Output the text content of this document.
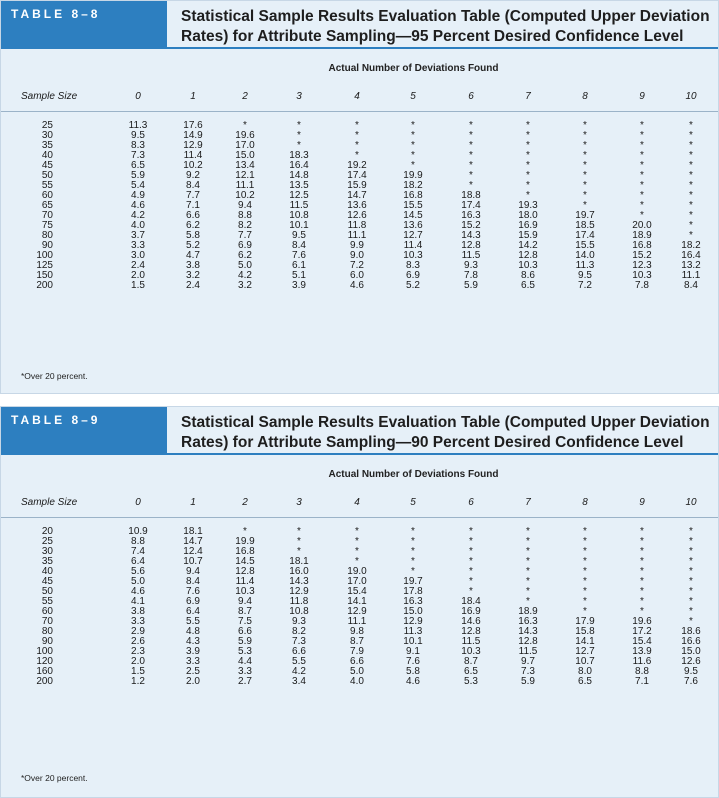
TABLE 8–8	Statistical Sample Results Evaluation Table (Computed Upper Deviation
Rates) for Attribute Sampling—95 Percent Desired Confidence Level
Actual Number of Deviations Found
Sample Size	0	1	2	3	4	5	6	7	8	9	10
25	11.3	17.6	*	*	*	*	*	*	*	*	*
30	9.5	14.9	19.6	*	*	*	*	*	*	*	*
35	8.3	12.9	17.0	*	*	*	*	*	*	*	*
40	7.3	11.4	15.0	18.3	*	*	*	*	*	*	*
45	6.5	10.2	13.4	16.4	19.2	*	*	*	*	*	*
50	5.9	9.2	12.1	14.8	17.4	19.9	*	*	*	*	*
55	5.4	8.4	11.1	13.5	15.9	18.2	*	*	*	*	*
60	4.9	7.7	10.2	12.5	14.7	16.8	18.8	*	*	*	*
65	4.6	7.1	9.4	11.5	13.6	15.5	17.4	19.3	*	*	*
70	4.2	6.6	8.8	10.8	12.6	14.5	16.3	18.0	19.7	*	*
75	4.0	6.2	8.2	10.1	11.8	13.6	15.2	16.9	18.5	20.0	*
80	3.7	5.8	7.7	9.5	11.1	12.7	14.3	15.9	17.4	18.9	*
90	3.3	5.2	6.9	8.4	9.9	11.4	12.8	14.2	15.5	16.8	18.2
100	3.0	4.7	6.2	7.6	9.0	10.3	11.5	12.8	14.0	15.2	16.4
125	2.4	3.8	5.0	6.1	7.2	8.3	9.3	10.3	11.3	12.3	13.2
150	2.0	3.2	4.2	5.1	6.0	6.9	7.8	8.6	9.5	10.3	11.1
200	1.5	2.4	3.2	3.9	4.6	5.2	5.9	6.5	7.2	7.8	8.4
*Over 20 percent.
TABLE 8–9	Statistical Sample Results Evaluation Table (Computed Upper Deviation
Rates) for Attribute Sampling—90 Percent Desired Confidence Level
Actual Number of Deviations Found
Sample Size	0	1	2	3	4	5	6	7	8	9	10
20	10.9	18.1	*	*	*	*	*	*	*	*	*
25	8.8	14.7	19.9	*	*	*	*	*	*	*	*
30	7.4	12.4	16.8	*	*	*	*	*	*	*	*
35	6.4	10.7	14.5	18.1	*	*	*	*	*	*	*
40	5.6	9.4	12.8	16.0	19.0	*	*	*	*	*	*
45	5.0	8.4	11.4	14.3	17.0	19.7	*	*	*	*	*
50	4.6	7.6	10.3	12.9	15.4	17.8	*	*	*	*	*
55	4.1	6.9	9.4	11.8	14.1	16.3	18.4	*	*	*	*
60	3.8	6.4	8.7	10.8	12.9	15.0	16.9	18.9	*	*	*
70	3.3	5.5	7.5	9.3	11.1	12.9	14.6	16.3	17.9	19.6	*
80	2.9	4.8	6.6	8.2	9.8	11.3	12.8	14.3	15.8	17.2	18.6
90	2.6	4.3	5.9	7.3	8.7	10.1	11.5	12.8	14.1	15.4	16.6
100	2.3	3.9	5.3	6.6	7.9	9.1	10.3	11.5	12.7	13.9	15.0
120	2.0	3.3	4.4	5.5	6.6	7.6	8.7	9.7	10.7	11.6	12.6
160	1.5	2.5	3.3	4.2	5.0	5.8	6.5	7.3	8.0	8.8	9.5
200	1.2	2.0	2.7	3.4	4.0	4.6	5.3	5.9	6.5	7.1	7.6
*Over 20 percent.
